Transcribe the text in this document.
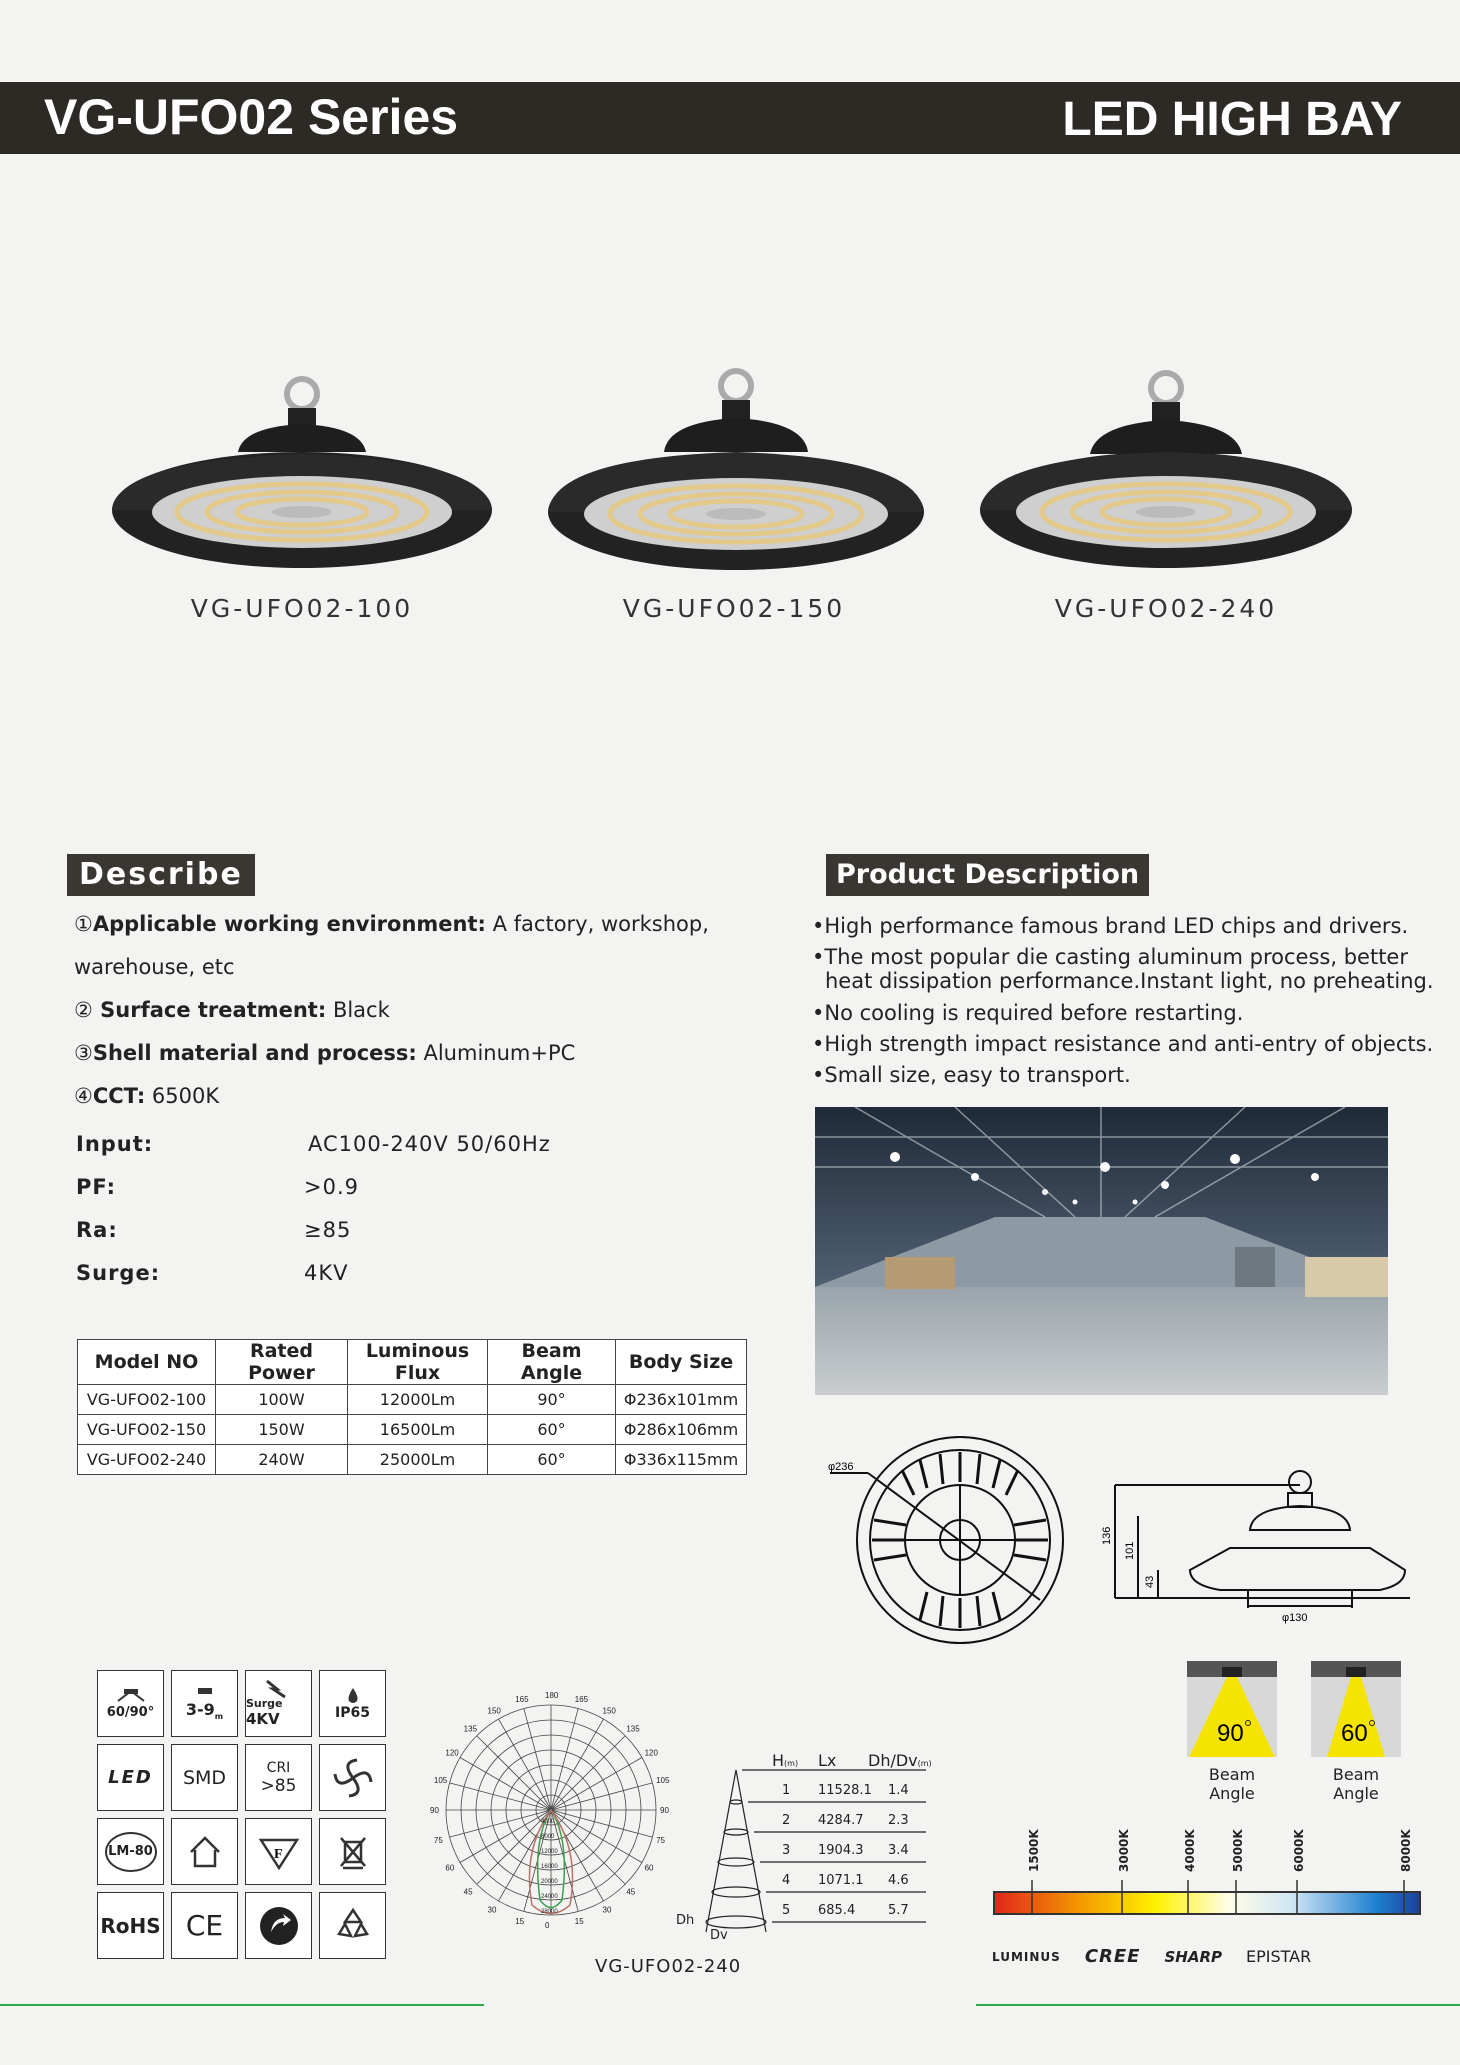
VG-UFO02 Series	LED HIGH BAY
VG-UFO02-100	VG-UFO02-150	VG-UFO02-240
Describe
①Applicable working environment: A factory, workshop,
warehouse, etc
② Surface treatment: Black
③Shell material and process: Aluminum+PC
④CCT: 6500K
Input:	AC100-240V 50/60Hz
PF:	>0.9
Ra:	≥85
Surge:	4KV
Model NO	Rated Power	Luminous Flux	Beam Angle	Body Size
VG-UFO02-100	100W	12000Lm	90°	Φ236x101mm
VG-UFO02-150	150W	16500Lm	60°	Φ286x106mm
VG-UFO02-240	240W	25000Lm	60°	Φ336x115mm
Product Description
•High performance famous brand LED chips and drivers.
•The most popular die casting aluminum process, better heat dissipation performance.Instant light, no preheating.
•No cooling is required before restarting.
•High strength impact resistance and anti-entry of objects.
•Small size, easy to transport.
φ236
136
101
43
φ130
60/90° $3-9_m$
Surge 4KV	IP65
LED SMD	CRI
>85
LM-80	F
RoHS CE
180
165	165
150	150
135	135
120	120
105	105
90	90
75	75
60	60
45	45
30	30
15	15
0
4000
8000
12000
16000
20000
24000
28000
VG-UFO02-240
H(m) Lx Dh/Dv(m)
1 11528.1 1.4
2 4284.7 2.3
3 1904.3 3.4
4 1071.1 4.6
5 685.4	5.7
Dh
Dv
90
Beam Angle
60
Beam Angle
1500K	3000K	4000K	5000K	6000K	8000K
LUMINUS CREE SHARP EPISTAR
